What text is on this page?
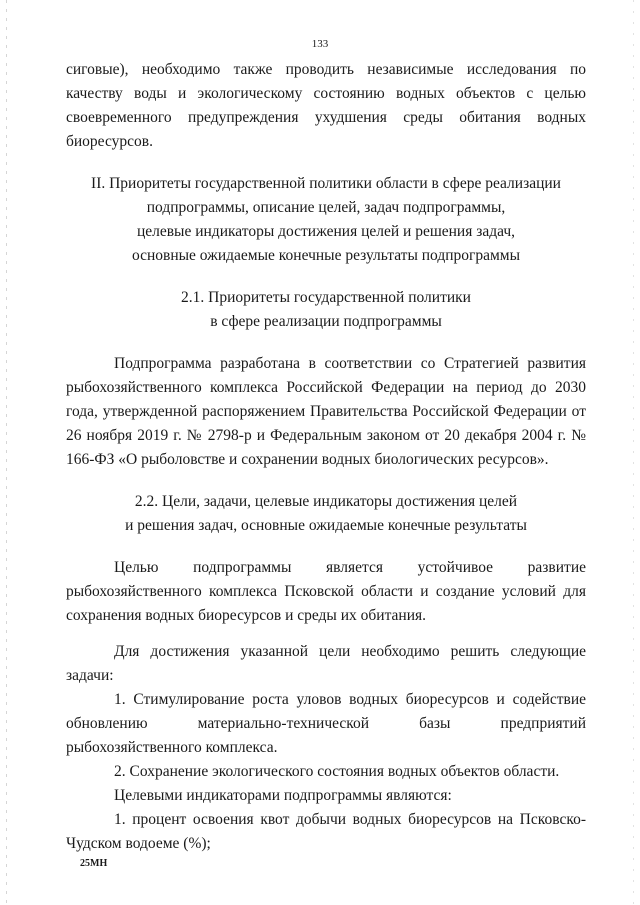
133

сиговые), необходимо также проводить независимые исследования по качеству воды и экологическому состоянию водных объектов с целью своевременного предупреждения ухудшения среды обитания водных биоресурсов.

II. Приоритеты государственной политики области в сфере реализации

подпрограммы, описание целей, задач подпрограммы,

целевые индикаторы достижения целей и решения задач,

основные ожидаемые конечные результаты подпрограммы

2.1. Приоритеты государственной политики

в сфере реализации подпрограммы

Подпрограмма разработана в соответствии со Стратегией развития рыбохозяйственного комплекса Российской Федерации на период до 2030 года, утвержденной распоряжением Правительства Российской Федерации от 26 ноября 2019 г. № 2798-р и Федеральным законом от 20 декабря 2004 г. № 166-ФЗ «О рыболовстве и сохранении водных биологических ресурсов».

2.2. Цели, задачи, целевые индикаторы достижения целей

и решения задач, основные ожидаемые конечные результаты

Целью подпрограммы является устойчивое развитие рыбохозяйственного комплекса Псковской области и создание условий для сохранения водных биоресурсов и среды их обитания.

Для достижения указанной цели необходимо решить следующие задачи:

1. Стимулирование роста уловов водных биоресурсов и содействие обновлению материально-технической базы предприятий рыбохозяйственного комплекса.

2. Сохранение экологического состояния водных объектов области.

Целевыми индикаторами подпрограммы являются:

1. процент освоения квот добычи водных биоресурсов на Псковско-Чудском водоеме (%);

25МН
